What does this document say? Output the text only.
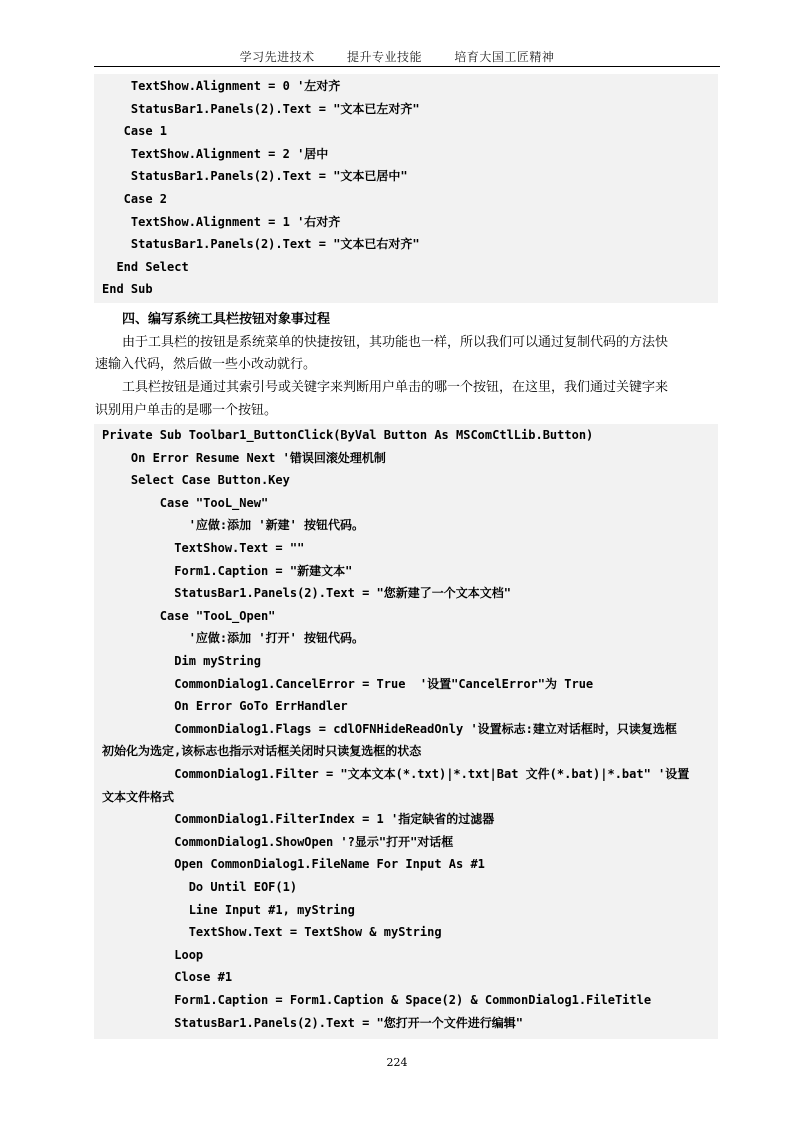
学习先进技术	提升专业技能	培育大国工匠精神
TextShow.Alignment = 0 '左对齐
StatusBar1.Panels(2).Text = "文本已左对齐"
Case 1
TextShow.Alignment = 2 '居中
StatusBar1.Panels(2).Text = "文本已居中"
Case 2
TextShow.Alignment = 1 '右对齐
StatusBar1.Panels(2).Text = "文本已右对齐"
End Select
End Sub
四、编写系统工具栏按钮对象事过程
由于工具栏的按钮是系统菜单的快捷按钮，其功能也一样，所以我们可以通过复制代码的方法快
速输入代码，然后做一些小改动就行。
工具栏按钮是通过其索引号或关键字来判断用户单击的哪一个按钮，在这里，我们通过关键字来
识别用户单击的是哪一个按钮。
Private Sub Toolbar1_ButtonClick(ByVal Button As MSComCtlLib.Button)
On Error Resume Next '错误回滚处理机制
Select Case Button.Key
Case "TooL_New"
'应做:添加 '新建' 按钮代码。
TextShow.Text = ""
Form1.Caption = "新建文本"
StatusBar1.Panels(2).Text = "您新建了一个文本文档"
Case "TooL_Open"
'应做:添加 '打开' 按钮代码。
Dim myString
CommonDialog1.CancelError = True  '设置"CancelError"为 True
On Error GoTo ErrHandler
CommonDialog1.Flags = cdlOFNHideReadOnly '设置标志:建立对话框时，只读复选框
初始化为选定,该标志也指示对话框关闭时只读复选框的状态
CommonDialog1.Filter = "文本文本(*.txt)|*.txt|Bat 文件(*.bat)|*.bat" '设置
文本文件格式
CommonDialog1.FilterIndex = 1 '指定缺省的过滤器
CommonDialog1.ShowOpen '?显示"打开"对话框
Open CommonDialog1.FileName For Input As #1
Do Until EOF(1)
Line Input #1, myString
TextShow.Text = TextShow & myString
Loop
Close #1
Form1.Caption = Form1.Caption & Space(2) & CommonDialog1.FileTitle
StatusBar1.Panels(2).Text = "您打开一个文件进行编辑"
224
